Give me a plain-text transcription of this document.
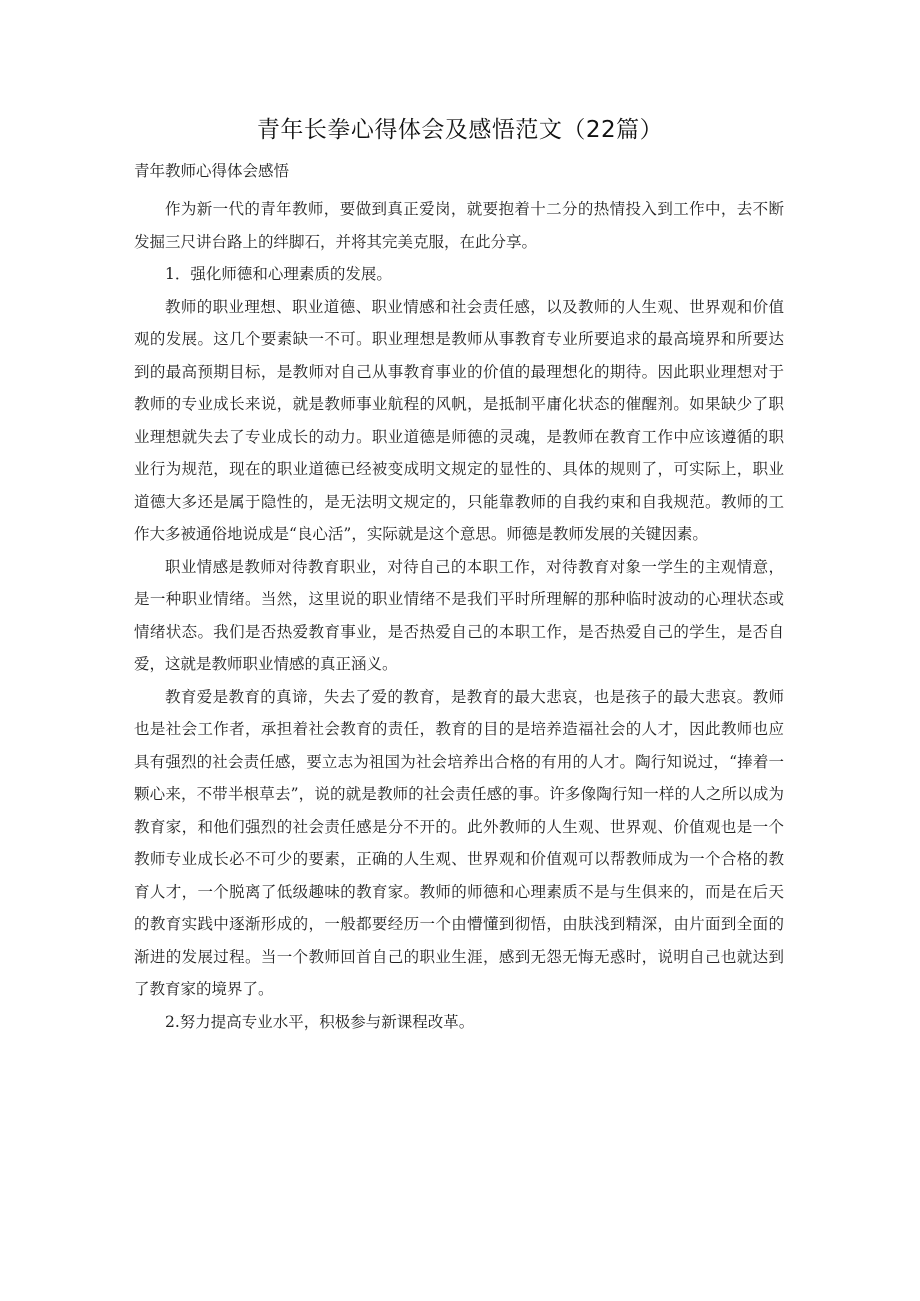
青年长拳心得体会及感悟范文（22篇）
青年教师心得体会感悟

作为新一代的青年教师，要做到真正爱岗，就要抱着十二分的热情投入到工作中，去不断发掘三尺讲台路上的绊脚石，并将其完美克服，在此分享。

1．强化师德和心理素质的发展。

教师的职业理想、职业道德、职业情感和社会责任感，以及教师的人生观、世界观和价值观的发展。这几个要素缺一不可。职业理想是教师从事教育专业所要追求的最高境界和所要达到的最高预期目标，是教师对自己从事教育事业的价值的最理想化的期待。因此职业理想对于教师的专业成长来说，就是教师事业航程的风帆，是抵制平庸化状态的催醒剂。如果缺少了职业理想就失去了专业成长的动力。职业道德是师德的灵魂，是教师在教育工作中应该遵循的职业行为规范，现在的职业道德已经被变成明文规定的显性的、具体的规则了，可实际上，职业道德大多还是属于隐性的，是无法明文规定的，只能靠教师的自我约束和自我规范。教师的工作大多被通俗地说成是“良心活”，实际就是这个意思。师德是教师发展的关键因素。

职业情感是教师对待教育职业，对待自己的本职工作，对待教育对象一学生的主观情意，是一种职业情绪。当然，这里说的职业情绪不是我们平时所理解的那种临时波动的心理状态或情绪状态。我们是否热爱教育事业，是否热爱自己的本职工作，是否热爱自己的学生，是否自爱，这就是教师职业情感的真正涵义。

教育爱是教育的真谛，失去了爱的教育，是教育的最大悲哀，也是孩子的最大悲哀。教师也是社会工作者，承担着社会教育的责任，教育的目的是培养造福社会的人才，因此教师也应具有强烈的社会责任感，要立志为祖国为社会培养出合格的有用的人才。陶行知说过，“捧着一颗心来，不带半根草去”，说的就是教师的社会责任感的事。许多像陶行知一样的人之所以成为教育家，和他们强烈的社会责任感是分不开的。此外教师的人生观、世界观、价值观也是一个教师专业成长必不可少的要素，正确的人生观、世界观和价值观可以帮教师成为一个合格的教育人才，一个脱离了低级趣味的教育家。教师的师德和心理素质不是与生俱来的，而是在后天的教育实践中逐渐形成的，一般都要经历一个由懵懂到彻悟，由肤浅到精深，由片面到全面的渐进的发展过程。当一个教师回首自己的职业生涯，感到无怨无悔无惑时，说明自己也就达到了教育家的境界了。

2.努力提高专业水平，积极参与新课程改革。
